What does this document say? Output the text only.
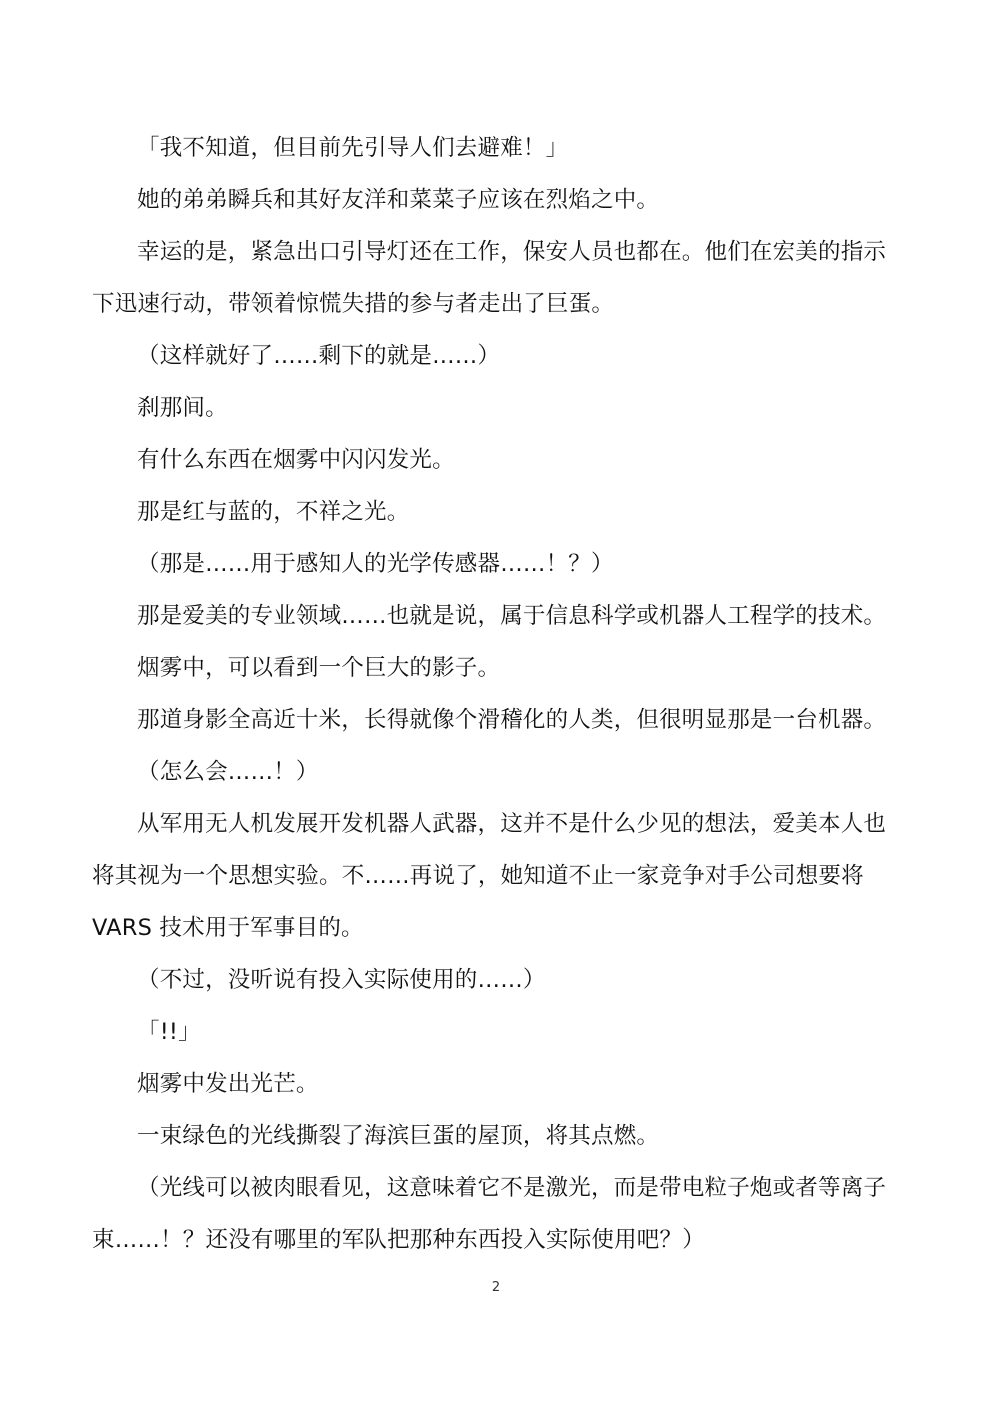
「我不知道，但目前先引导人们去避难！」
她的弟弟瞬兵和其好友洋和菜菜子应该在烈焰之中。
幸运的是，紧急出口引导灯还在工作，保安人员也都在。他们在宏美的指示
下迅速行动，带领着惊慌失措的参与者走出了巨蛋。
（这样就好了……剩下的就是……）
刹那间。
有什么东西在烟雾中闪闪发光。
那是红与蓝的，不祥之光。
（那是……用于感知人的光学传感器……！？）
那是爱美的专业领域……也就是说，属于信息科学或机器人工程学的技术。
烟雾中，可以看到一个巨大的影子。
那道身影全高近十米，长得就像个滑稽化的人类，但很明显那是一台机器。
（怎么会……！）
从军用无人机发展开发机器人武器，这并不是什么少见的想法，爱美本人也
将其视为一个思想实验。不……再说了，她知道不止一家竞争对手公司想要将
VARS 技术用于军事目的。
（不过，没听说有投入实际使用的……）
「!!」
烟雾中发出光芒。
一束绿色的光线撕裂了海滨巨蛋的屋顶，将其点燃。
（光线可以被肉眼看见，这意味着它不是激光，而是带电粒子炮或者等离子
束……！？还没有哪里的军队把那种东西投入实际使用吧？）
2
